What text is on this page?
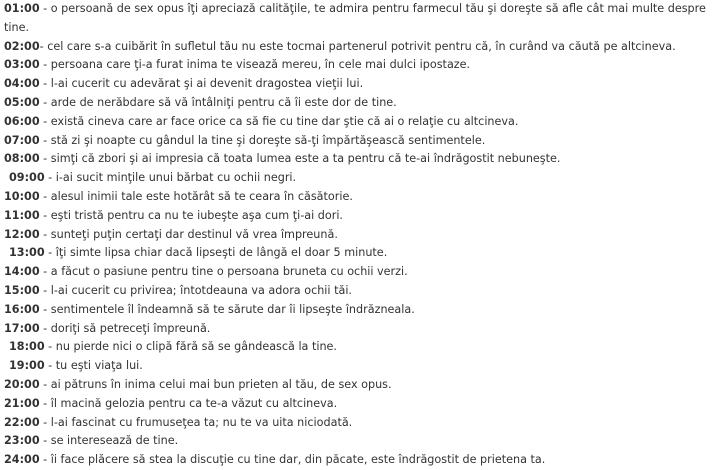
01:00 - o persoană de sex opus îţi apreciază calităţile, te admira pentru farmecul tău şi doreşte să afle cât mai multe despre tine.

02:00- cel care s-a cuibărit în sufletul tău nu este tocmai partenerul potrivit pentru că, în curând va căută pe altcineva.

03:00 - persoana care ţi-a furat inima te visează mereu, în cele mai dulci ipostaze.

04:00 - l-ai cucerit cu adevărat şi ai devenit dragostea vieţii lui.

05:00 - arde de nerăbdare să vă întâlniţi pentru că îi este dor de tine.

06:00 - există cineva care ar face orice ca să fie cu tine dar ştie că ai o relaţie cu altcineva.

07:00 - stă zi şi noapte cu gândul la tine şi doreşte să-ţi împărtăşească sentimentele.

08:00 - simţi că zbori şi ai impresia că toata lumea este a ta pentru că te-ai îndrăgostit nebuneşte.

09:00 - i-ai sucit minţile unui bărbat cu ochii negri.

10:00 - alesul inimii tale este hotărât să te ceara în căsătorie.

11:00 - eşti tristă pentru ca nu te iubeşte aşa cum ţi-ai dori.

12:00 - sunteţi puţin certaţi dar destinul vă vrea împreună.

13:00 - îţi simte lipsa chiar dacă lipseşti de lângă el doar 5 minute.

14:00 - a făcut o pasiune pentru tine o persoana bruneta cu ochii verzi.

15:00 - l-ai cucerit cu privirea; întotdeauna va adora ochii tăi.

16:00 - sentimentele îl îndeamnă să te sărute dar îi lipseşte îndrăzneala.

17:00 - doriţi să petreceţi împreună.

18:00 - nu pierde nici o clipă fără să se gândească la tine.

19:00 - tu eşti viaţa lui.

20:00 - ai pătruns în inima celui mai bun prieten al tău, de sex opus.

21:00 - îl macină gelozia pentru ca te-a văzut cu altcineva.

22:00 - l-ai fascinat cu frumuseţea ta; nu te va uita niciodată.

23:00 - se interesează de tine.

24:00 - îi face plăcere să stea la discuţie cu tine dar, din păcate, este îndrăgostit de prietena ta.
